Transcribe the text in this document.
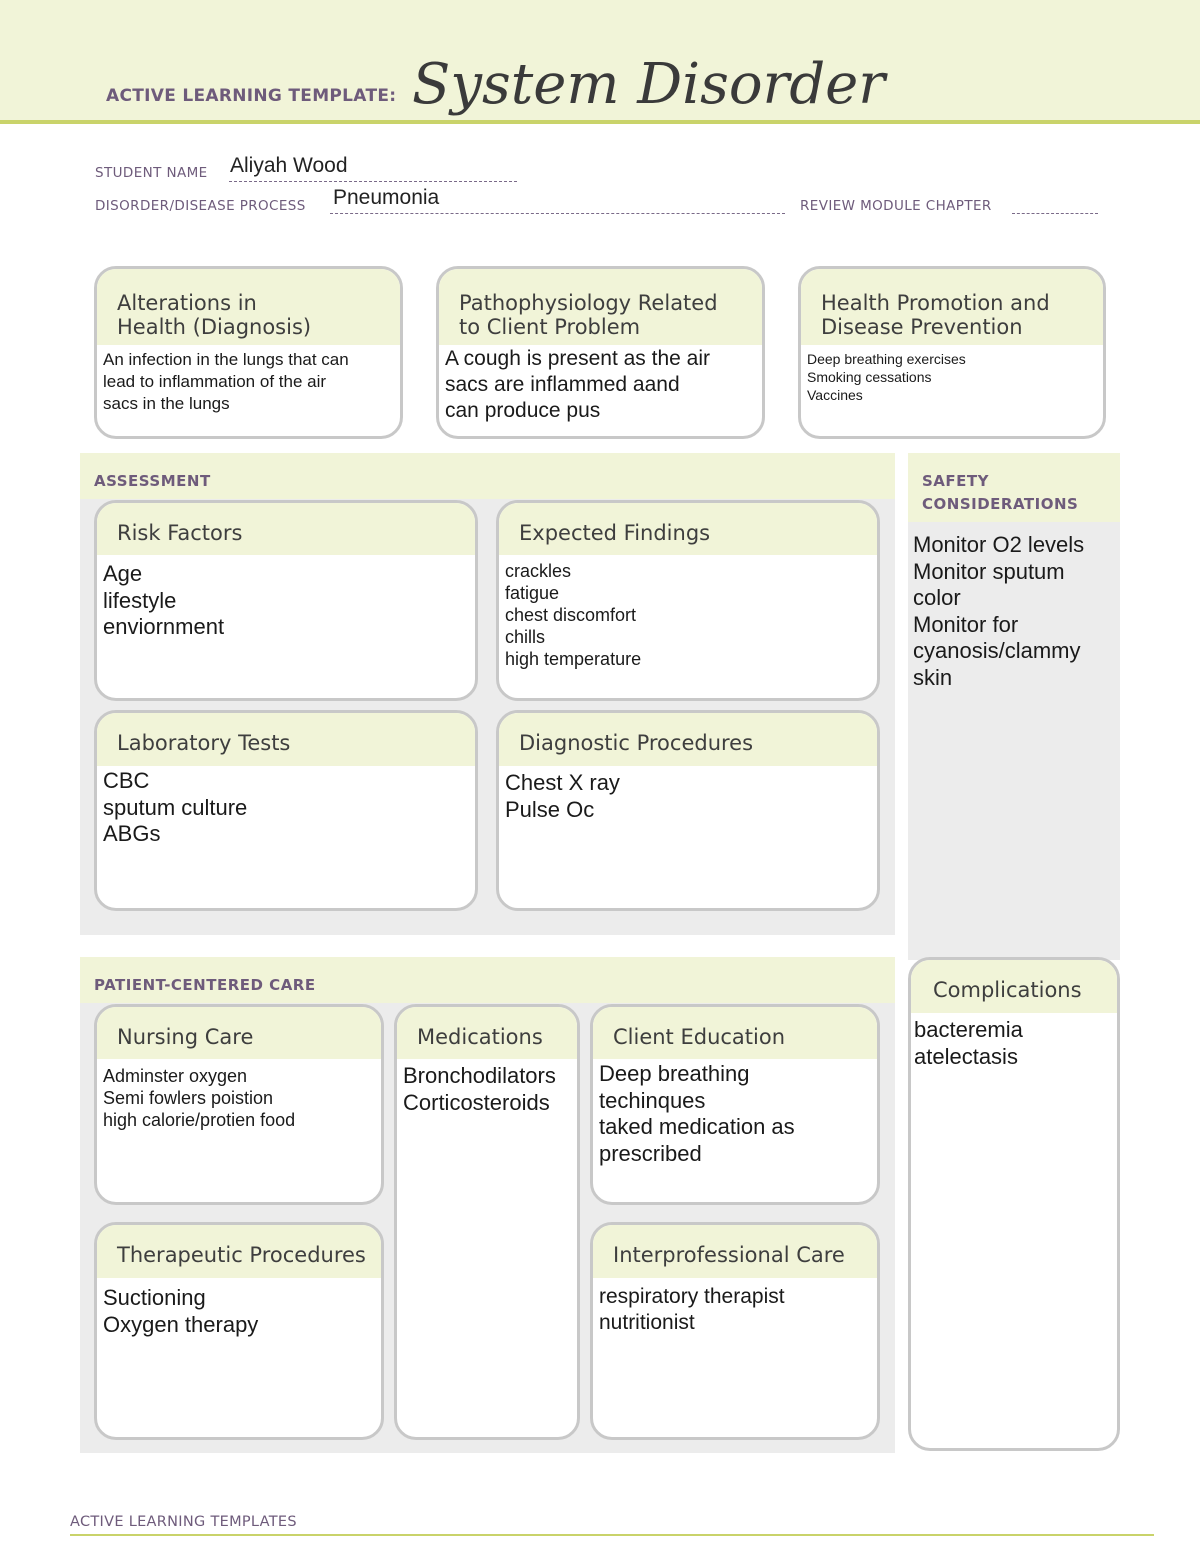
ACTIVE LEARNING TEMPLATE: System Disorder
STUDENT NAME Aliyah Wood
DISORDER/DISEASE PROCESS Pneumonia	REVIEW MODULE CHAPTER
Alterations in
Health (Diagnosis)
An infection in the lungs that can
lead to inflammation of the air
sacs in the lungs
Pathophysiology Related
to Client Problem
A cough is present as the air
sacs are inflammed aand
can produce pus
Health Promotion and
Disease Prevention
Deep breathing exercises
Smoking cessations
Vaccines
ASSESSMENT
Risk Factors
Age
lifestyle
enviornment
Expected Findings
crackles
fatigue
chest discomfort
chills
high temperature
Laboratory Tests
CBC
sputum culture
ABGs
Diagnostic Procedures
Chest X ray
Pulse Oc
SAFETY
CONSIDERATIONS
Monitor O2 levels
Monitor sputum
color
Monitor for
cyanosis/clammy
skin
PATIENT-CENTERED CARE
Nursing Care
Adminster oxygen
Semi fowlers poistion
high calorie/protien food
Medications
Bronchodilators
Corticosteroids
Client Education
Deep breathing
techinques
taked medication as
prescribed
Therapeutic Procedures
Suctioning
Oxygen therapy
Interprofessional Care
respiratory therapist
nutritionist
Complications
bacteremia
atelectasis
ACTIVE LEARNING TEMPLATES
